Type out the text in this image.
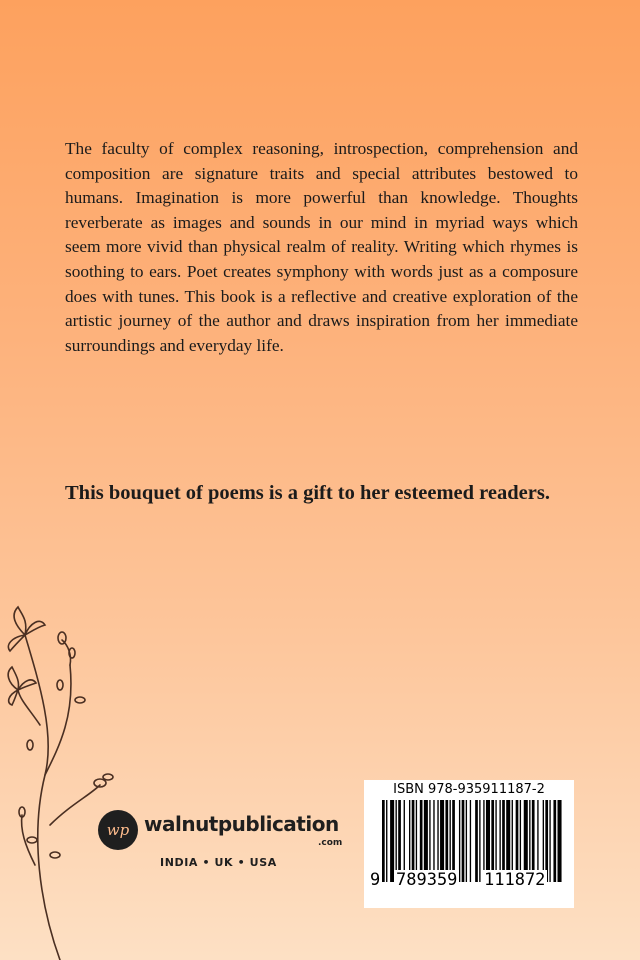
The faculty of complex reasoning, introspection, comprehension and composition are signature traits and special attributes bestowed to humans. Imagination is more powerful than knowledge. Thoughts reverberate as images and sounds in our mind in myriad ways which seem more vivid than physical realm of reality. Writing which rhymes is soothing to ears. Poet creates symphony with words just as a composure does with tunes. This book is a reflective and creative exploration of the artistic journey of the author and draws inspiration from her immediate surroundings and everyday life.

This bouquet of poems is a gift to her esteemed readers.

wp walnutpublication
.com
INDIA • UK • USA
ISBN 978-935911187-2
9 789359 111872
